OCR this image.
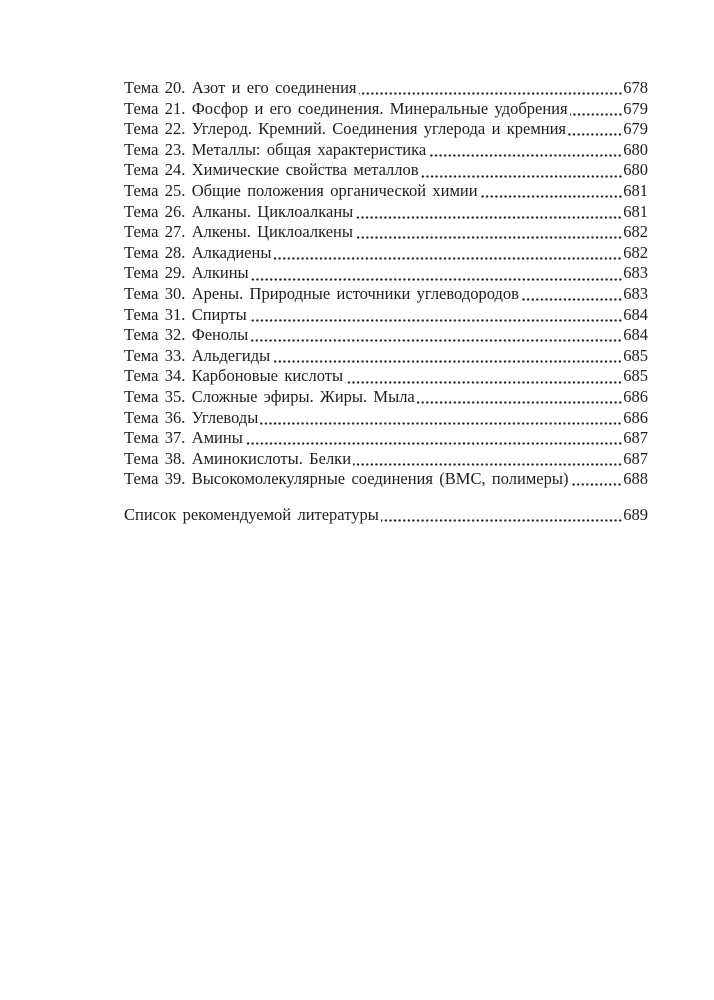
Тема 20. Азот и его соединения	678
Тема 21. Фосфор и его соединения. Минеральные удобрения	679
Тема 22. Углерод. Кремний. Соединения углерода и кремния	679
Тема 23. Металлы: общая характеристика	680
Тема 24. Химические свойства металлов	680
Тема 25. Общие положения органической химии	681
Тема 26. Алканы. Циклоалканы	681
Тема 27. Алкены. Циклоалкены	682
Тема 28. Алкадиены	682
Тема 29. Алкины	683
Тема 30. Арены. Природные источники углеводородов	683
Тема 31. Спирты	684
Тема 32. Фенолы	684
Тема 33. Альдегиды	685
Тема 34. Карбоновые кислоты	685
Тема 35. Сложные эфиры. Жиры. Мыла	686
Тема 36. Углеводы	686
Тема 37. Амины	687
Тема 38. Аминокислоты. Белки	687
Тема 39. Высокомолекулярные соединения (ВМС, полимеры)	688
Список рекомендуемой литературы	689
